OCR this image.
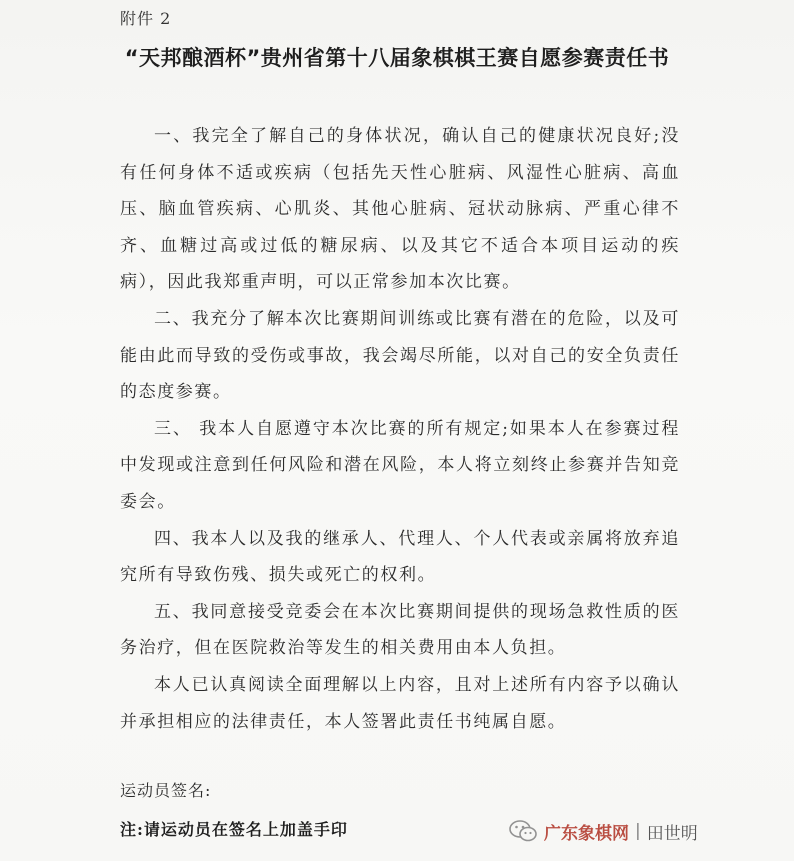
附件 2
“天邦酿酒杯”贵州省第十八届象棋棋王赛自愿参赛责任书

一、我完全了解自己的身体状况，确认自己的健康状况良好;没有任何身体不适或疾病（包括先天性心脏病、风湿性心脏病、高血压、脑血管疾病、心肌炎、其他心脏病、冠状动脉病、严重心律不齐、血糖过高或过低的糖尿病、以及其它不适合本项目运动的疾病），因此我郑重声明，可以正常参加本次比赛。

二、我充分了解本次比赛期间训练或比赛有潜在的危险，以及可能由此而导致的受伤或事故，我会竭尽所能，以对自己的安全负责任的态度参赛。

三、 我本人自愿遵守本次比赛的所有规定;如果本人在参赛过程中发现或注意到任何风险和潜在风险，本人将立刻终止参赛并告知竞委会。

四、我本人以及我的继承人、代理人、个人代表或亲属将放弃追究所有导致伤残、损失或死亡的权利。

五、我同意接受竞委会在本次比赛期间提供的现场急救性质的医务治疗，但在医院救治等发生的相关费用由本人负担。

本人已认真阅读全面理解以上内容，且对上述所有内容予以确认并承担相应的法律责任，本人签署此责任书纯属自愿。

运动员签名:
注:请运动员在签名上加盖手印	广东象棋网 | 田世明
